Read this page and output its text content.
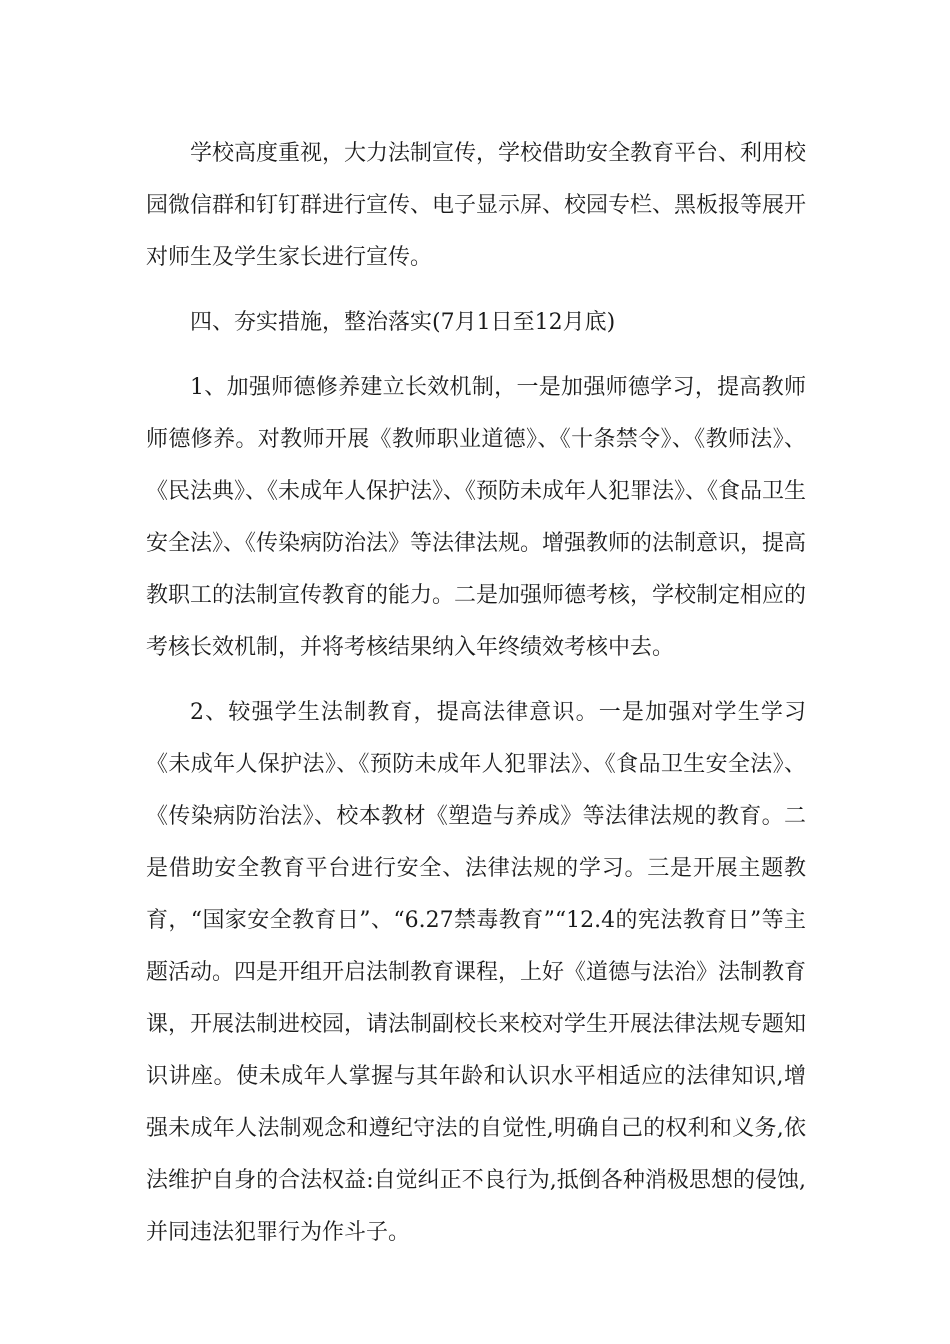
学校高度重视，大力法制宣传，学校借助安全教育平台、利用校园微信群和钉钉群进行宣传、电子显示屏、校园专栏、黑板报等展开对师生及学生家长进行宣传。

四、夯实措施，整治落实(7月1日至12月底)

1、加强师德修养建立长效机制，一是加强师德学习，提高教师师德修养。对教师开展《教师职业道德》、《十条禁令》、《教师法》、《民法典》、《未成年人保护法》、《预防未成年人犯罪法》、《食品卫生安全法》、《传染病防治法》等法律法规。增强教师的法制意识，提高教职工的法制宣传教育的能力。二是加强师德考核，学校制定相应的考核长效机制，并将考核结果纳入年终绩效考核中去。

2、较强学生法制教育，提高法律意识。一是加强对学生学习《未成年人保护法》、《预防未成年人犯罪法》、《食品卫生安全法》、《传染病防治法》、校本教材《塑造与养成》等法律法规的教育。二是借助安全教育平台进行安全、法律法规的学习。三是开展主题教育，“国家安全教育日”、“6.27禁毒教育”“12.4的宪法教育日”等主题活动。四是开组开启法制教育课程，上好《道德与法治》法制教育课，开展法制进校园，请法制副校长来校对学生开展法律法规专题知识讲座。使未成年人掌握与其年龄和认识水平相适应的法律知识,增强未成年人法制观念和遵纪守法的自觉性,明确自己的权利和义务,依法维护自身的合法权益:自觉纠正不良行为,抵倒各种消极思想的侵蚀,并同违法犯罪行为作斗子。
